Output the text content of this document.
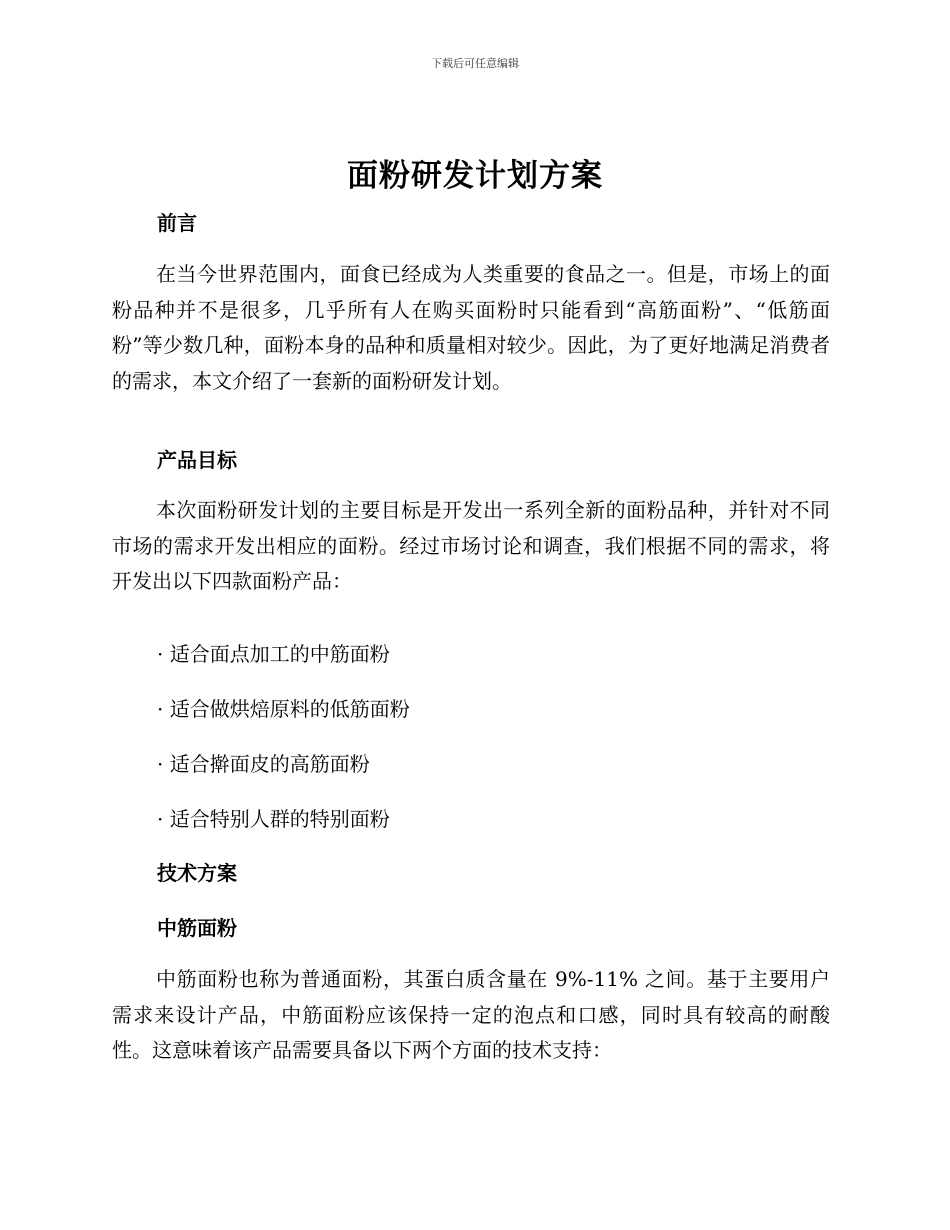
下载后可任意编辑
面粉研发计划方案
前言
在当今世界范围内，面食已经成为人类重要的食品之一。但是，市场上的面粉品种并不是很多，几乎所有人在购买面粉时只能看到“高筋面粉”、“低筋面粉”等少数几种，面粉本身的品种和质量相对较少。因此，为了更好地满足消费者的需求，本文介绍了一套新的面粉研发计划。
产品目标
本次面粉研发计划的主要目标是开发出一系列全新的面粉品种，并针对不同市场的需求开发出相应的面粉。经过市场讨论和调查，我们根据不同的需求，将开发出以下四款面粉产品：
· 适合面点加工的中筋面粉
· 适合做烘焙原料的低筋面粉
· 适合擀面皮的高筋面粉
· 适合特别人群的特别面粉
技术方案
中筋面粉
中筋面粉也称为普通面粉，其蛋白质含量在 9%-11% 之间。基于主要用户需求来设计产品，中筋面粉应该保持一定的泡点和口感，同时具有较高的耐酸性。这意味着该产品需要具备以下两个方面的技术支持：
